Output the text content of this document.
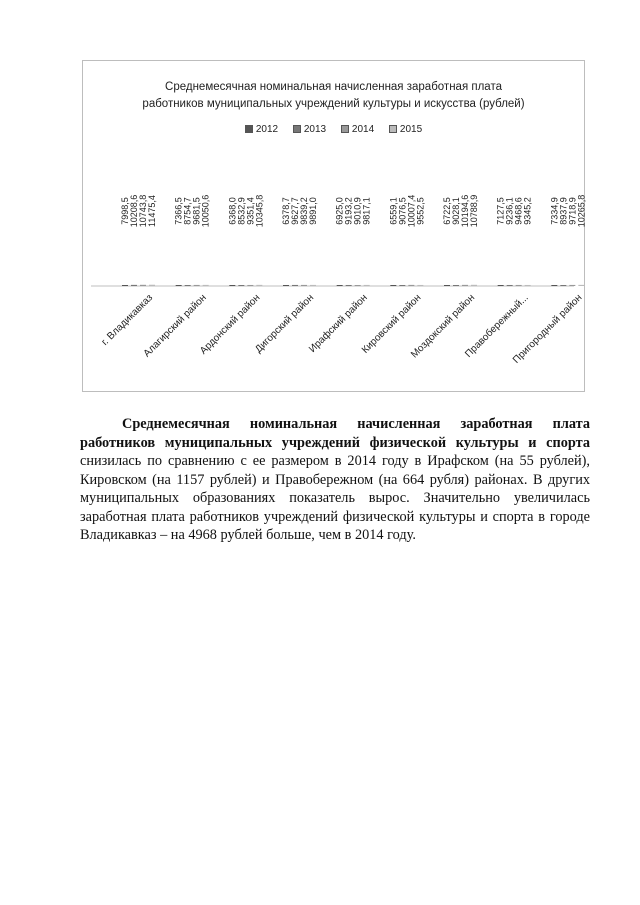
Среднемесячная номинальная начисленная заработная плата
работников муниципальных учреждений культуры и искусства (рублей)
2012	2013	2014	2015
7998,5 10208,6 10743,8 11475,4
г. Владикавказ
7366,5 8754,7 9681,5 10050,6
Алагирский район
6368,0 8532,9 9351,4 10345,8
Ардонский район
6378,7 9627,7 9839,2 9891,0
Дигорский район
6925,0 9193,2 9010,9 9817,1
Ирафский район
6559,1 9076,5 10007,4 9552,5
Кировский район
6722,5 9028,1 10194,6 10788,9
Моздокский район
7127,5 9236,1 9468,6 9345,2
Правобережный...
7334,9 8937,9 9718,9 10265,8
Пригородный район

Среднемесячная номинальная начисленная заработная плата работников муниципальных учреждений физической культуры и спорта снизилась по сравнению с ее размером в 2014 году в Ирафском (на 55 рублей), Кировском (на 1157 рублей) и Правобережном (на 664 рубля) районах. В других муниципальных образованиях показатель вырос. Значительно увеличилась заработная плата работников учреждений физической культуры и спорта в городе Владикавказ – на 4968 рублей больше, чем в 2014 году.
